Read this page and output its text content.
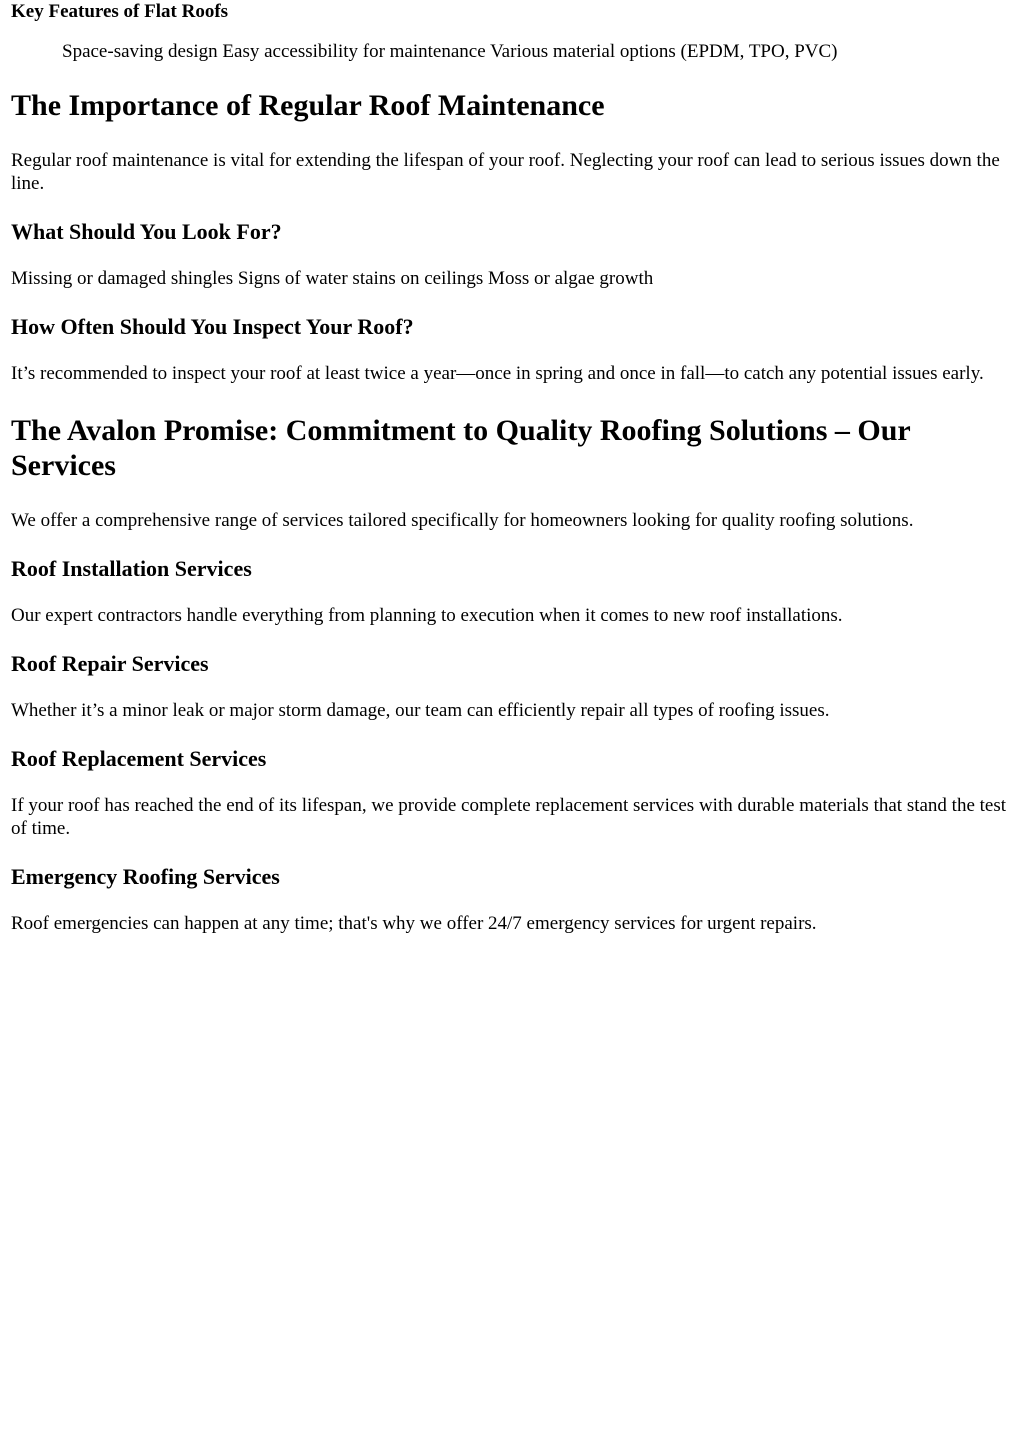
Key Features of Flat Roofs

Space-saving design Easy accessibility for maintenance Various material options (EPDM, TPO, PVC)

The Importance of Regular Roof Maintenance

Regular roof maintenance is vital for extending the lifespan of your roof. Neglecting your roof can lead to serious issues down the line.

What Should You Look For?

Missing or damaged shingles Signs of water stains on ceilings Moss or algae growth

How Often Should You Inspect Your Roof?

It’s recommended to inspect your roof at least twice a year—once in spring and once in fall—to catch any potential issues early.

The Avalon Promise: Commitment to Quality Roofing Solutions – Our Services

We offer a comprehensive range of services tailored specifically for homeowners looking for quality roofing solutions.

Roof Installation Services

Our expert contractors handle everything from planning to execution when it comes to new roof installations.

Roof Repair Services

Whether it’s a minor leak or major storm damage, our team can efficiently repair all types of roofing issues.

Roof Replacement Services

If your roof has reached the end of its lifespan, we provide complete replacement services with durable materials that stand the test of time.

Emergency Roofing Services

Roof emergencies can happen at any time; that's why we offer 24/7 emergency services for urgent repairs.
